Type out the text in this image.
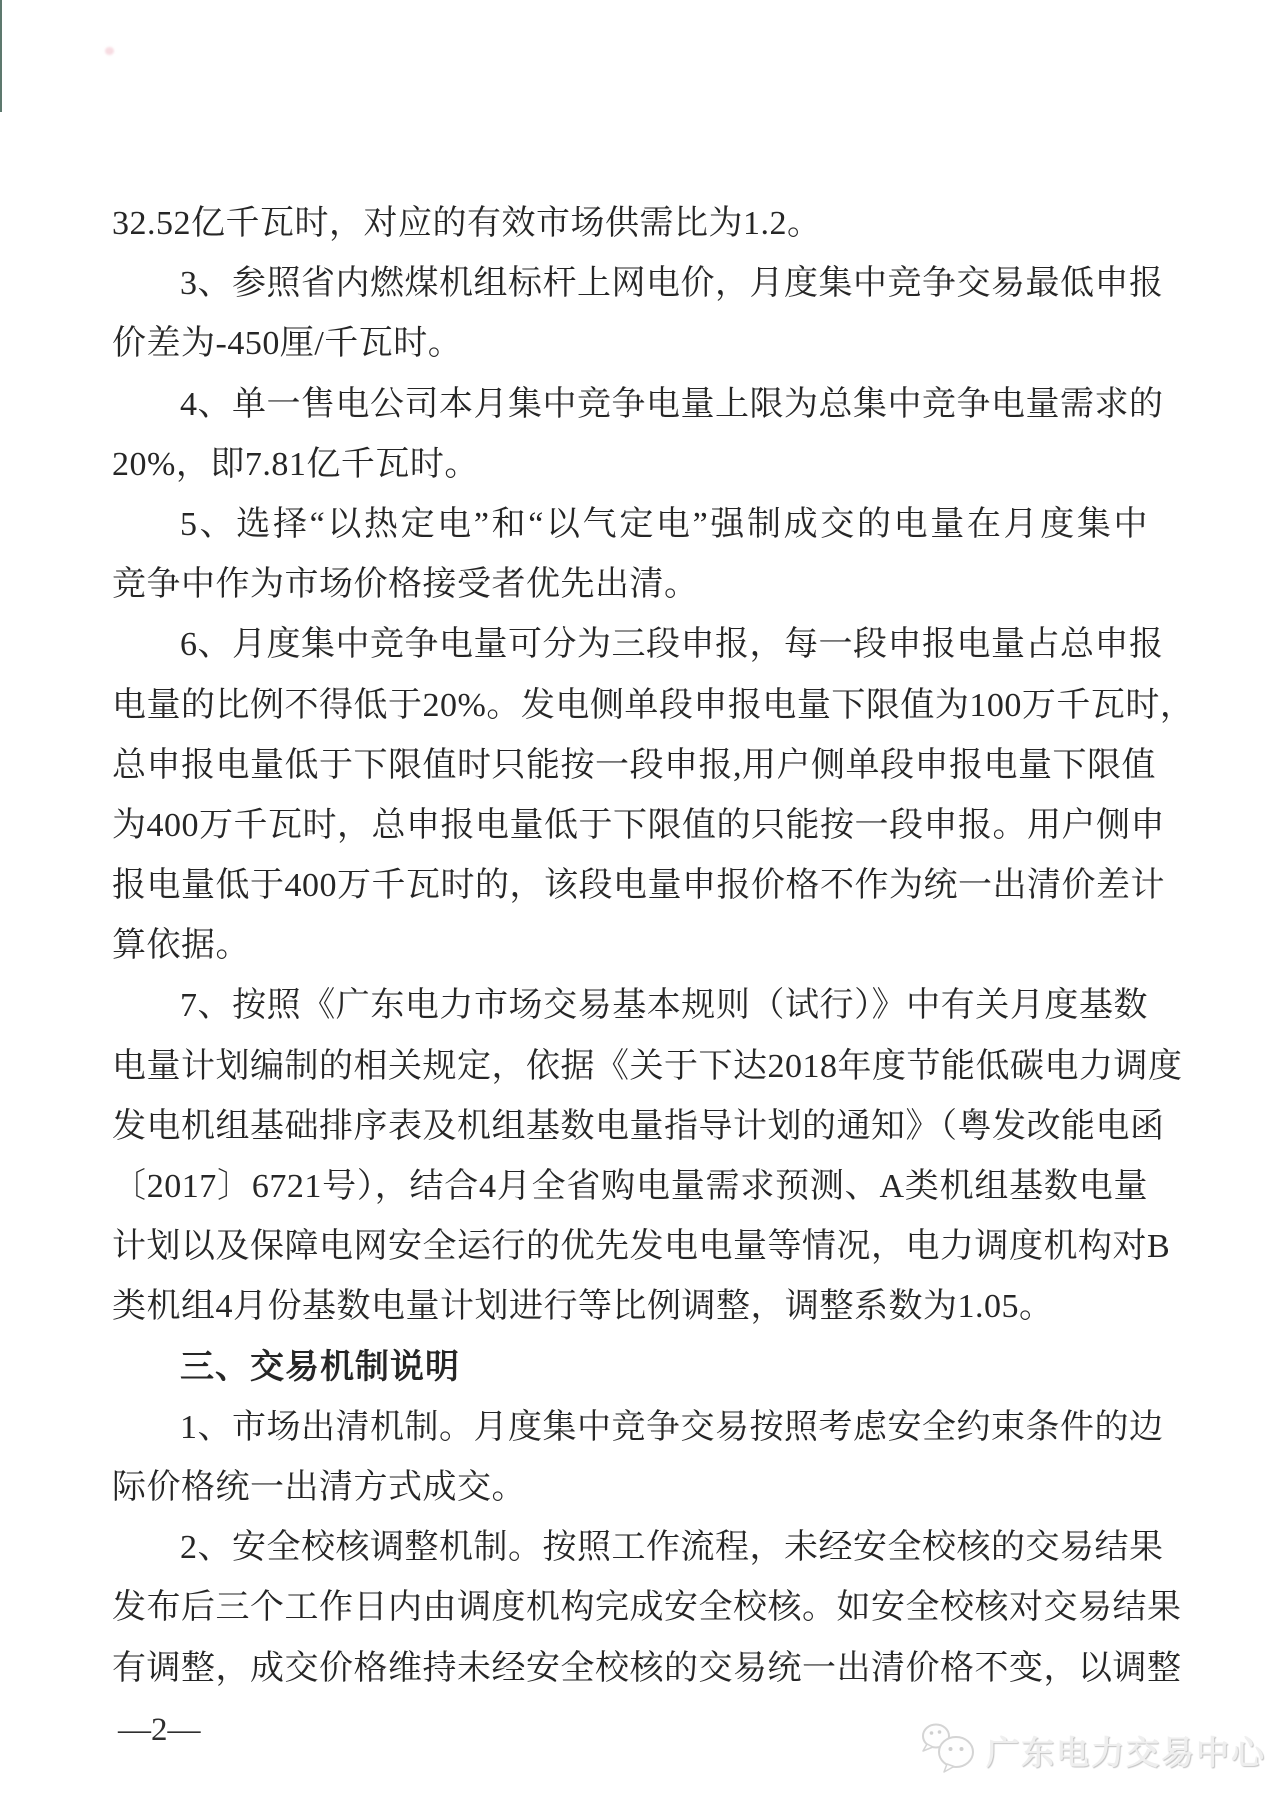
32.52亿千瓦时，对应的有效市场供需比为1.2。
3、参照省内燃煤机组标杆上网电价，月度集中竞争交易最低申报
价差为-450厘/千瓦时。
4、单一售电公司本月集中竞争电量上限为总集中竞争电量需求的
20%，即7.81亿千瓦时。
5、选择“以热定电”和“以气定电”强制成交的电量在月度集中
竞争中作为市场价格接受者优先出清。
6、月度集中竞争电量可分为三段申报，每一段申报电量占总申报
电量的比例不得低于20%。发电侧单段申报电量下限值为100万千瓦时，
总申报电量低于下限值时只能按一段申报,用户侧单段申报电量下限值
为400万千瓦时，总申报电量低于下限值的只能按一段申报。用户侧申
报电量低于400万千瓦时的，该段电量申报价格不作为统一出清价差计
算依据。
7、按照《广东电力市场交易基本规则（试行）》中有关月度基数
电量计划编制的相关规定，依据《关于下达2018年度节能低碳电力调度
发电机组基础排序表及机组基数电量指导计划的通知》（粤发改能电函
〔2017〕6721号），结合4月全省购电量需求预测、A类机组基数电量
计划以及保障电网安全运行的优先发电电量等情况，电力调度机构对B
类机组4月份基数电量计划进行等比例调整，调整系数为1.05。
三、交易机制说明
1、市场出清机制。月度集中竞争交易按照考虑安全约束条件的边
际价格统一出清方式成交。
2、安全校核调整机制。按照工作流程，未经安全校核的交易结果
发布后三个工作日内由调度机构完成安全校核。如安全校核对交易结果
有调整，成交价格维持未经安全校核的交易统一出清价格不变，以调整
—2—
广东电力交易中心
